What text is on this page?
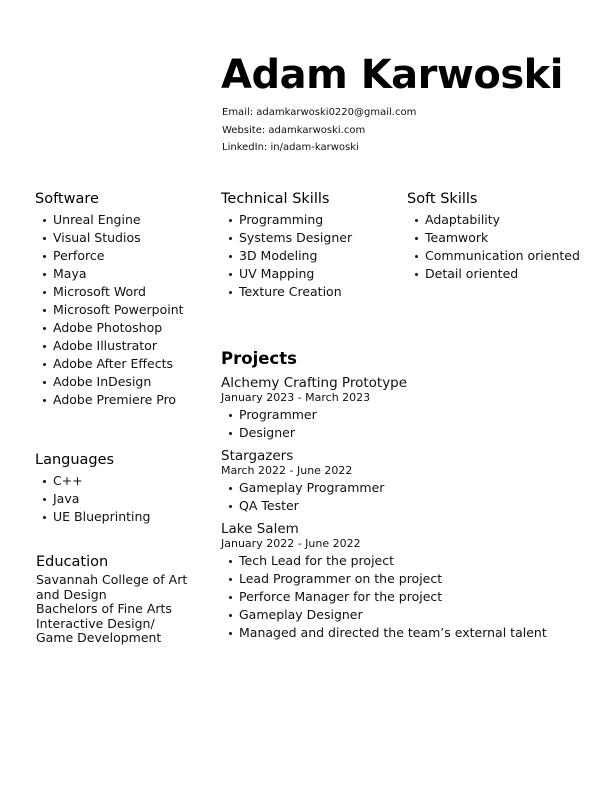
Adam Karwoski
Email: adamkarwoski0220@gmail.com
Website: adamkarwoski.com
LinkedIn: in/adam-karwoski
Software
Unreal Engine
Visual Studios
Perforce
Maya
Microsoft Word
Microsoft Powerpoint
Adobe Photoshop
Adobe Illustrator
Adobe After Effects
Adobe InDesign
Adobe Premiere Pro
Technical Skills
Programming
Systems Designer
3D Modeling
UV Mapping
Texture Creation
Soft Skills
Adaptability
Teamwork
Communication oriented
Detail oriented
Languages
C++
Java
UE Blueprinting
Education
Savannah College of Art
and Design
Bachelors of Fine Arts
Interactive Design/
Game Development
Projects
Alchemy Crafting Prototype
January 2023 - March 2023
Programmer
Designer
Stargazers
March 2022 - June 2022
Gameplay Programmer
QA Tester
Lake Salem
January 2022 - June 2022
Tech Lead for the project
Lead Programmer on the project
Perforce Manager for the project
Gameplay Designer
Managed and directed the team’s external talent
